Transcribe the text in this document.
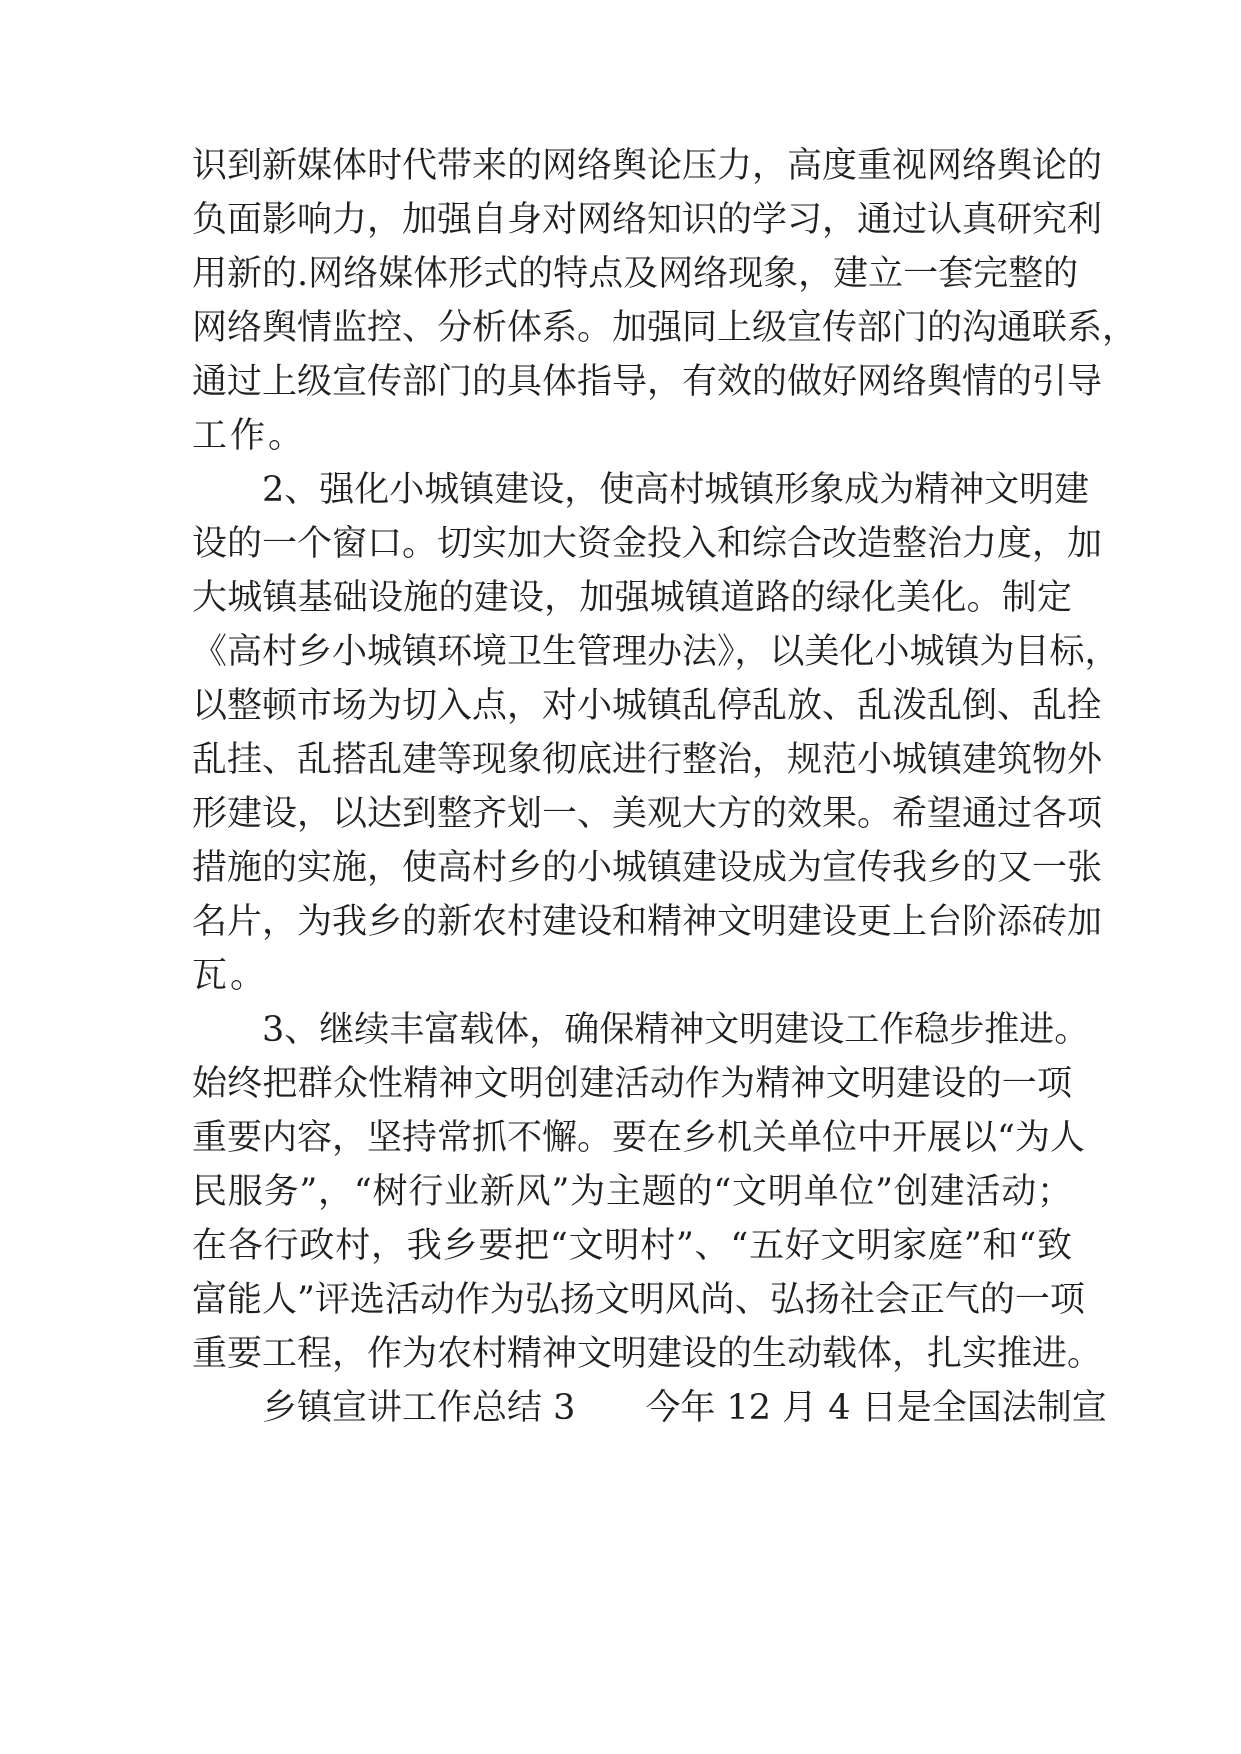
识到新媒体时代带来的网络舆论压力，高度重视网络舆论的
负面影响力，加强自身对网络知识的学习，通过认真研究利
用新的.网络媒体形式的特点及网络现象，建立一套完整的
网络舆情监控、分析体系。加强同上级宣传部门的沟通联系，
通过上级宣传部门的具体指导，有效的做好网络舆情的引导
工作。
2、强化小城镇建设，使高村城镇形象成为精神文明建
设的一个窗口。切实加大资金投入和综合改造整治力度，加
大城镇基础设施的建设，加强城镇道路的绿化美化。制定
《高村乡小城镇环境卫生管理办法》，以美化小城镇为目标，
以整顿市场为切入点，对小城镇乱停乱放、乱泼乱倒、乱拴
乱挂、乱搭乱建等现象彻底进行整治，规范小城镇建筑物外
形建设，以达到整齐划一、美观大方的效果。希望通过各项
措施的实施，使高村乡的小城镇建设成为宣传我乡的又一张
名片，为我乡的新农村建设和精神文明建设更上台阶添砖加
瓦。
3、继续丰富载体，确保精神文明建设工作稳步推进。
始终把群众性精神文明创建活动作为精神文明建设的一项
重要内容，坚持常抓不懈。要在乡机关单位中开展以“为人
民服务”，“树行业新风”为主题的“文明单位”创建活动；
在各行政村，我乡要把“文明村”、“五好文明家庭”和“致
富能人”评选活动作为弘扬文明风尚、弘扬社会正气的一项
重要工程，作为农村精神文明建设的生动载体，扎实推进。
乡镇宣讲工作总结 3　　今年 12 月 4 日是全国法制宣
